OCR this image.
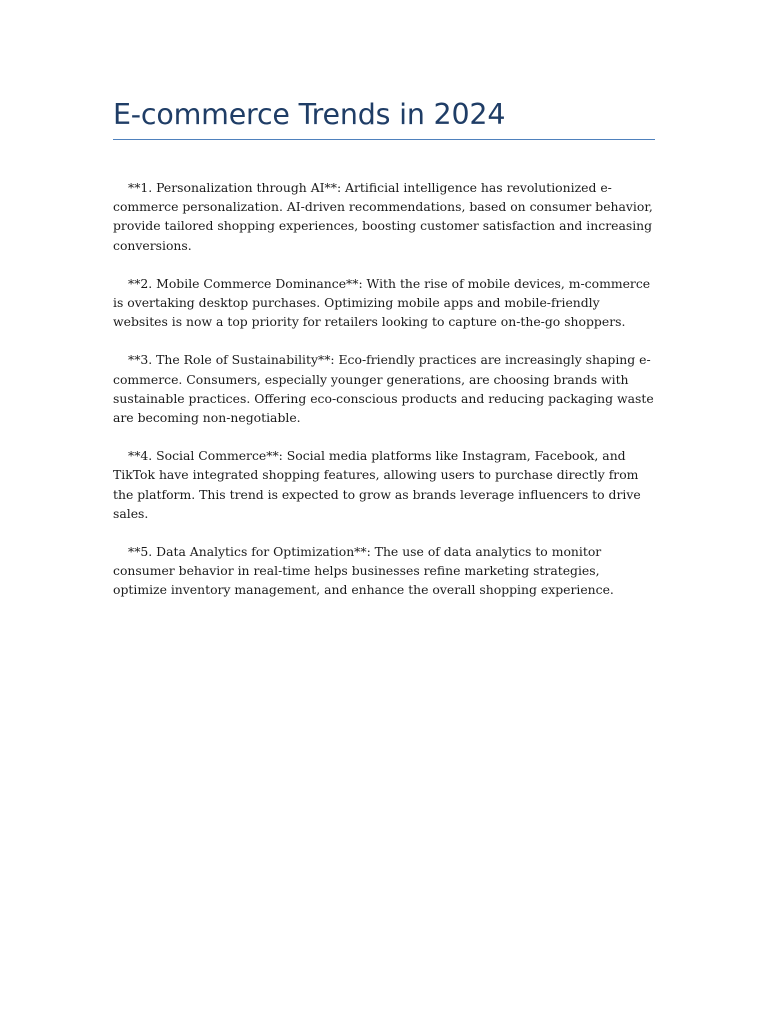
E-commerce Trends in 2024

**1. Personalization through AI**: Artificial intelligence has revolutionized e-commerce personalization. AI-driven recommendations, based on consumer behavior, provide tailored shopping experiences, boosting customer satisfaction and increasing conversions.

**2. Mobile Commerce Dominance**: With the rise of mobile devices, m-commerce is overtaking desktop purchases. Optimizing mobile apps and mobile-friendly websites is now a top priority for retailers looking to capture on-the-go shoppers.

**3. The Role of Sustainability**: Eco-friendly practices are increasingly shaping e-commerce. Consumers, especially younger generations, are choosing brands with sustainable practices. Offering eco-conscious products and reducing packaging waste are becoming non-negotiable.

**4. Social Commerce**: Social media platforms like Instagram, Facebook, and TikTok have integrated shopping features, allowing users to purchase directly from the platform. This trend is expected to grow as brands leverage influencers to drive sales.

**5. Data Analytics for Optimization**: The use of data analytics to monitor consumer behavior in real-time helps businesses refine marketing strategies, optimize inventory management, and enhance the overall shopping experience.
